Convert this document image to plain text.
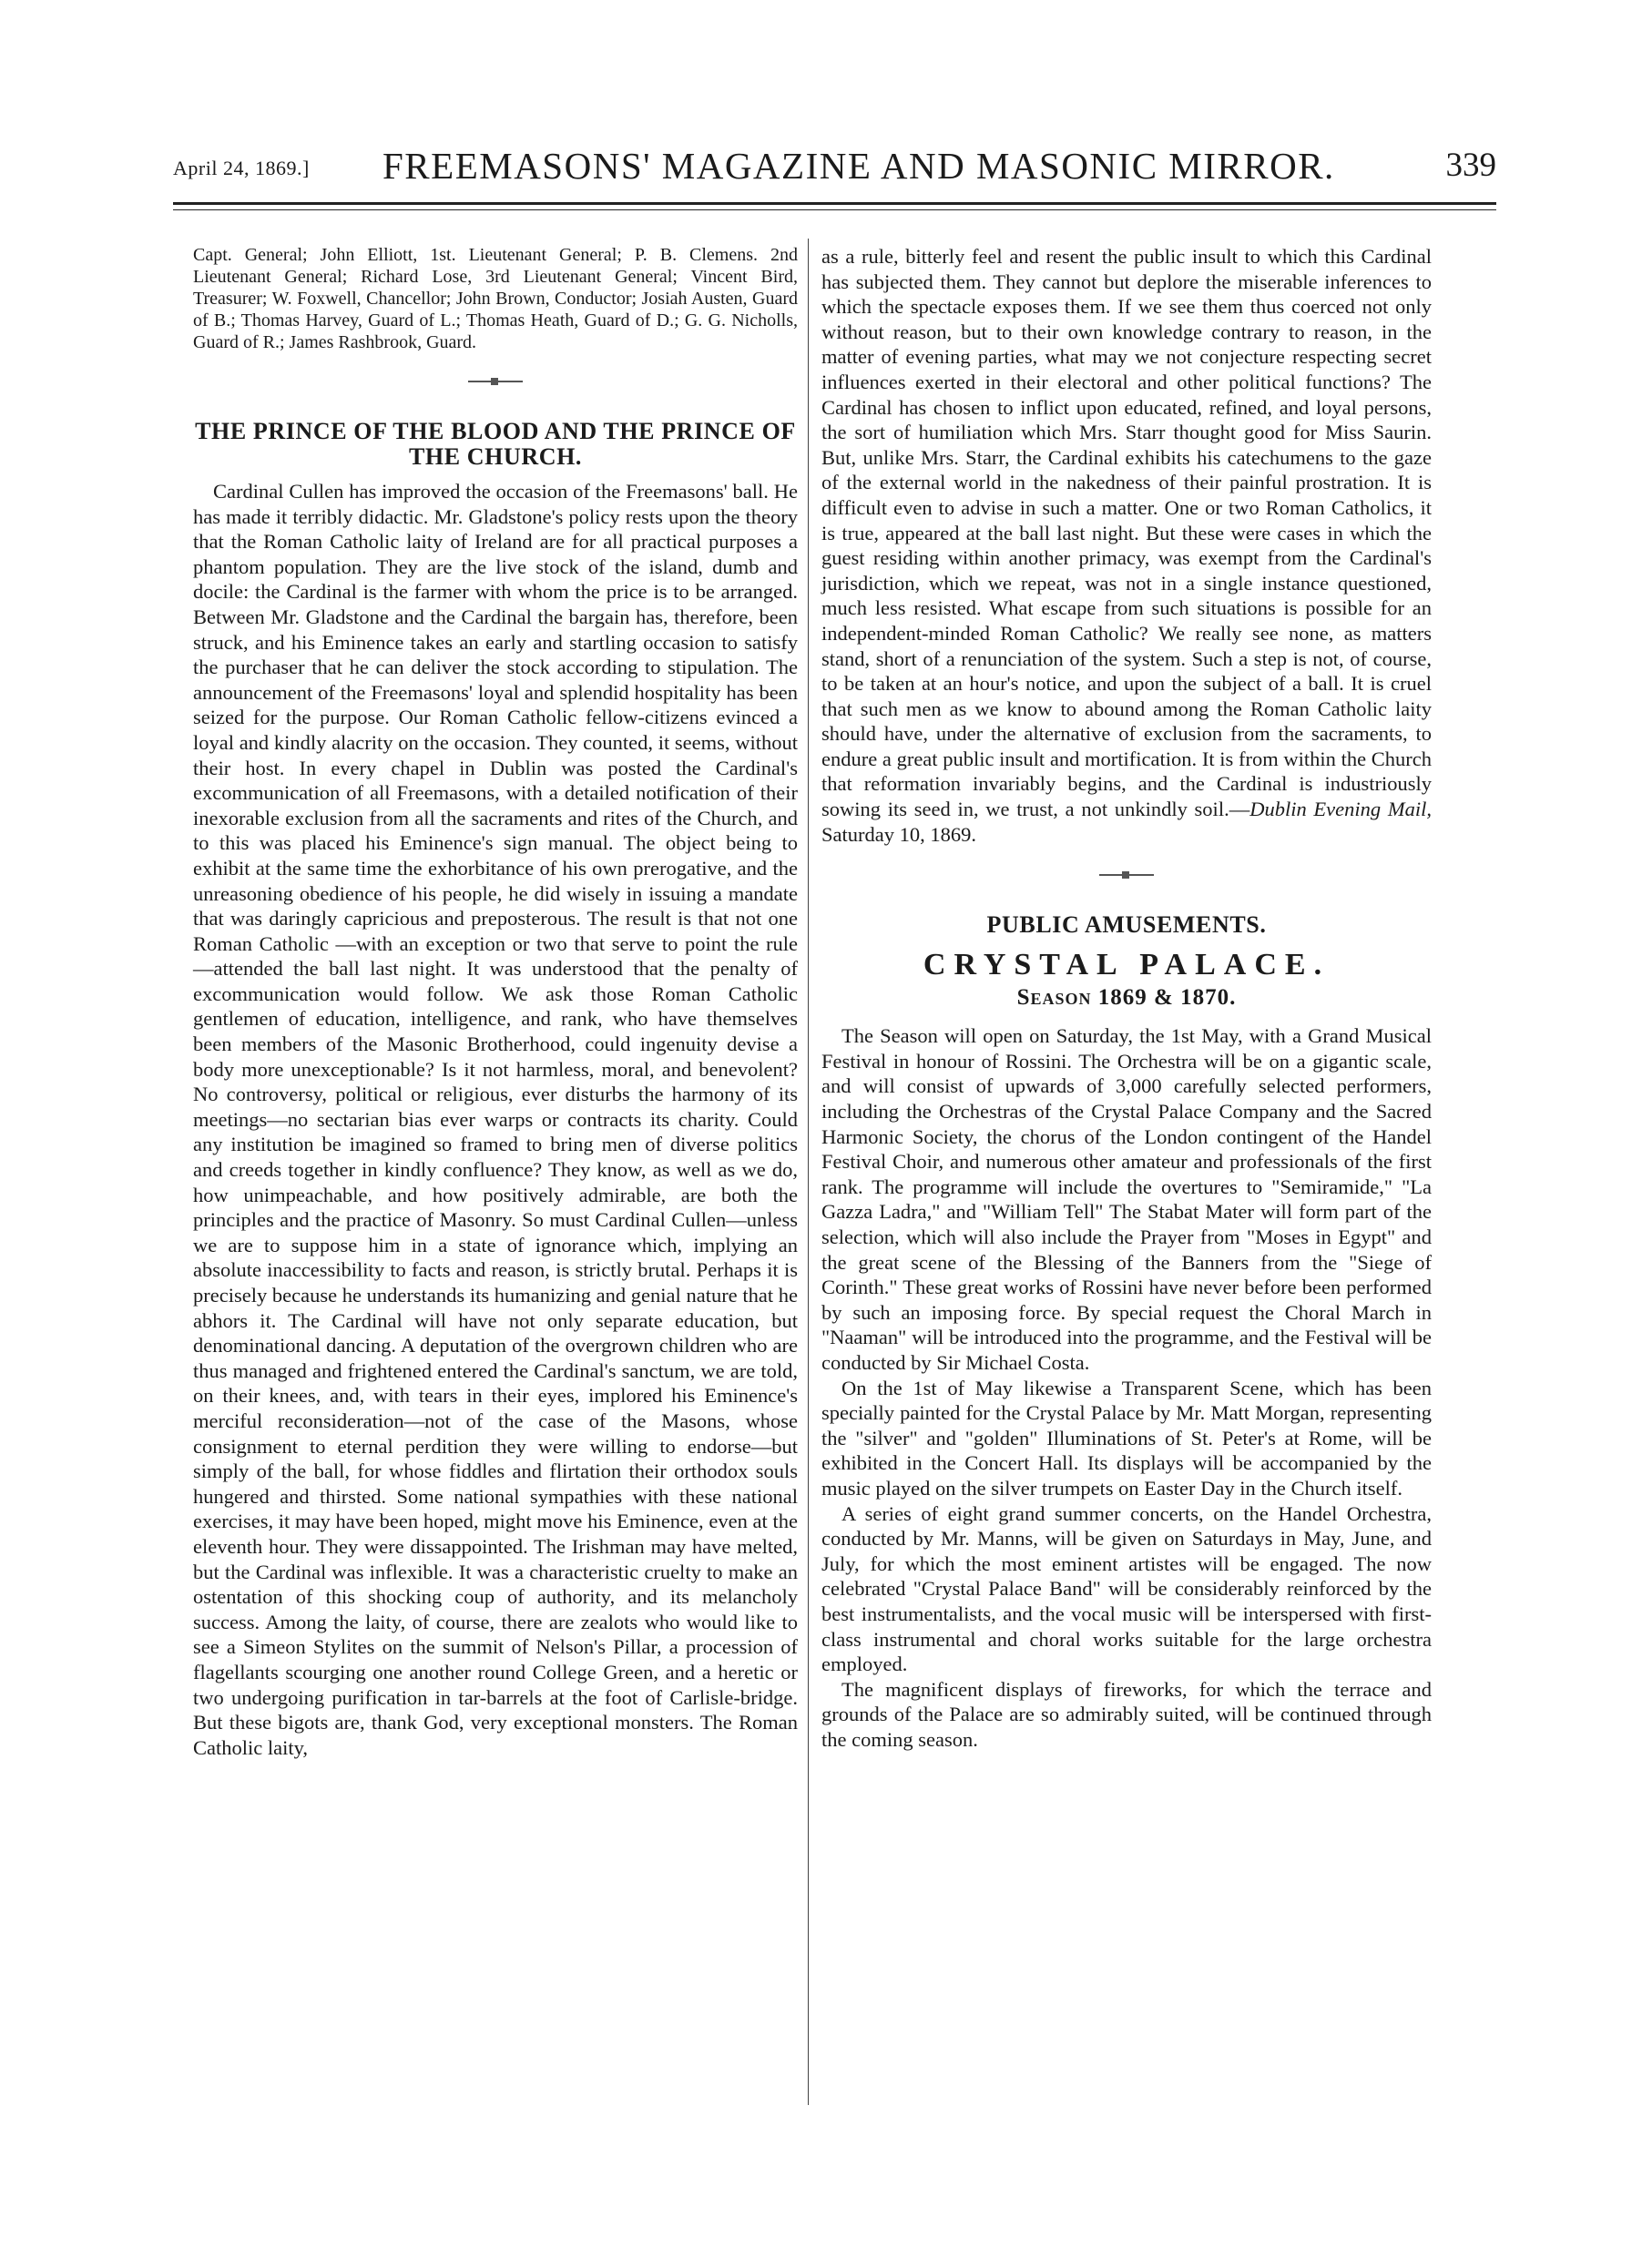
April 24, 1869.] FREEMASONS' MAGAZINE AND MASONIC MIRROR.	339

Capt. General; John Elliott, 1st. Lieutenant General; P. B. Clemens. 2nd Lieutenant General; Richard Lose, 3rd Lieutenant General; Vincent Bird, Treasurer; W. Foxwell, Chancellor; John Brown, Conductor; Josiah Austen, Guard of B.; Thomas Harvey, Guard of L.; Thomas Heath, Guard of D.; G. G. Nicholls, Guard of R.; James Rashbrook, Guard.

THE PRINCE OF THE BLOOD AND THE PRINCE OF THE CHURCH.

Cardinal Cullen has improved the occasion of the Freemasons' ball. He has made it terribly didactic. Mr. Gladstone's policy rests upon the theory that the Roman Catholic laity of Ireland are for all practical purposes a phantom population. They are the live stock of the island, dumb and docile: the Cardinal is the farmer with whom the price is to be arranged. Between Mr. Gladstone and the Cardinal the bargain has, therefore, been struck, and his Eminence takes an early and startling occasion to satisfy the purchaser that he can deliver the stock according to stipulation. The announcement of the Freemasons' loyal and splendid hospitality has been seized for the purpose. Our Roman Catholic fellow-citizens evinced a loyal and kindly alacrity on the occasion. They counted, it seems, without their host. In every chapel in Dublin was posted the Cardinal's excommunication of all Freemasons, with a detailed notification of their inexorable exclusion from all the sacraments and rites of the Church, and to this was placed his Eminence's sign manual. The object being to exhibit at the same time the exhorbitance of his own prerogative, and the unreasoning obedience of his people, he did wisely in issuing a mandate that was daringly capricious and preposterous. The result is that not one Roman Catholic —with an exception or two that serve to point the rule —attended the ball last night. It was understood that the penalty of excommunication would follow. We ask those Roman Catholic gentlemen of education, intelligence, and rank, who have themselves been members of the Masonic Brotherhood, could ingenuity devise a body more unexceptionable? Is it not harmless, moral, and benevolent? No controversy, political or religious, ever disturbs the harmony of its meetings—no sectarian bias ever warps or contracts its charity. Could any institution be imagined so framed to bring men of diverse politics and creeds together in kindly confluence? They know, as well as we do, how unimpeachable, and how positively admirable, are both the principles and the practice of Masonry. So must Cardinal Cullen—unless we are to suppose him in a state of ignorance which, implying an absolute inaccessibility to facts and reason, is strictly brutal. Perhaps it is precisely because he understands its humanizing and genial nature that he abhors it. The Cardinal will have not only separate education, but denominational dancing. A deputation of the overgrown children who are thus managed and frightened entered the Cardinal's sanctum, we are told, on their knees, and, with tears in their eyes, implored his Eminence's merciful reconsideration—not of the case of the Masons, whose consignment to eternal perdition they were willing to endorse—but simply of the ball, for whose fiddles and flirtation their orthodox souls hungered and thirsted. Some national sympathies with these national exercises, it may have been hoped, might move his Eminence, even at the eleventh hour. They were dissappointed. The Irishman may have melted, but the Cardinal was inflexible. It was a characteristic cruelty to make an ostentation of this shocking coup of authority, and its melancholy success. Among the laity, of course, there are zealots who would like to see a Simeon Stylites on the summit of Nelson's Pillar, a procession of flagellants scourging one another round College Green, and a heretic or two undergoing purification in tar-barrels at the foot of Carlisle-bridge. But these bigots are, thank God, very exceptional monsters. The Roman Catholic laity,

as a rule, bitterly feel and resent the public insult to which this Cardinal has subjected them. They cannot but deplore the miserable inferences to which the spectacle exposes them. If we see them thus coerced not only without reason, but to their own knowledge contrary to reason, in the matter of evening parties, what may we not conjecture respecting secret influences exerted in their electoral and other political functions? The Cardinal has chosen to inflict upon educated, refined, and loyal persons, the sort of humiliation which Mrs. Starr thought good for Miss Saurin. But, unlike Mrs. Starr, the Cardinal exhibits his catechumens to the gaze of the external world in the nakedness of their painful prostration. It is difficult even to advise in such a matter. One or two Roman Catholics, it is true, appeared at the ball last night. But these were cases in which the guest residing within another primacy, was exempt from the Cardinal's jurisdiction, which we repeat, was not in a single instance questioned, much less resisted. What escape from such situations is possible for an independent-minded Roman Catholic? We really see none, as matters stand, short of a renunciation of the system. Such a step is not, of course, to be taken at an hour's notice, and upon the subject of a ball. It is cruel that such men as we know to abound among the Roman Catholic laity should have, under the alternative of exclusion from the sacraments, to endure a great public insult and mortification. It is from within the Church that reformation invariably begins, and the Cardinal is industriously sowing its seed in, we trust, a not unkindly soil.—Dublin Evening Mail, Saturday 10, 1869.

PUBLIC AMUSEMENTS.
CRYSTAL PALACE.
Season 1869 & 1870.

The Season will open on Saturday, the 1st May, with a Grand Musical Festival in honour of Rossini. The Orchestra will be on a gigantic scale, and will consist of upwards of 3,000 carefully selected performers, including the Orchestras of the Crystal Palace Company and the Sacred Harmonic Society, the chorus of the London contingent of the Handel Festival Choir, and numerous other amateur and professionals of the first rank. The programme will include the overtures to "Semiramide," "La Gazza Ladra," and "William Tell" The Stabat Mater will form part of the selection, which will also include the Prayer from "Moses in Egypt" and the great scene of the Blessing of the Banners from the "Siege of Corinth." These great works of Rossini have never before been performed by such an imposing force. By special request the Choral March in "Naaman" will be introduced into the programme, and the Festival will be conducted by Sir Michael Costa.

On the 1st of May likewise a Transparent Scene, which has been specially painted for the Crystal Palace by Mr. Matt Morgan, representing the "silver" and "golden" Illuminations of St. Peter's at Rome, will be exhibited in the Concert Hall. Its displays will be accompanied by the music played on the silver trumpets on Easter Day in the Church itself.

A series of eight grand summer concerts, on the Handel Orchestra, conducted by Mr. Manns, will be given on Saturdays in May, June, and July, for which the most eminent artistes will be engaged. The now celebrated "Crystal Palace Band" will be considerably reinforced by the best instrumentalists, and the vocal music will be interspersed with first-class instrumental and choral works suitable for the large orchestra employed.

The magnificent displays of fireworks, for which the terrace and grounds of the Palace are so admirably suited, will be continued through the coming season.
